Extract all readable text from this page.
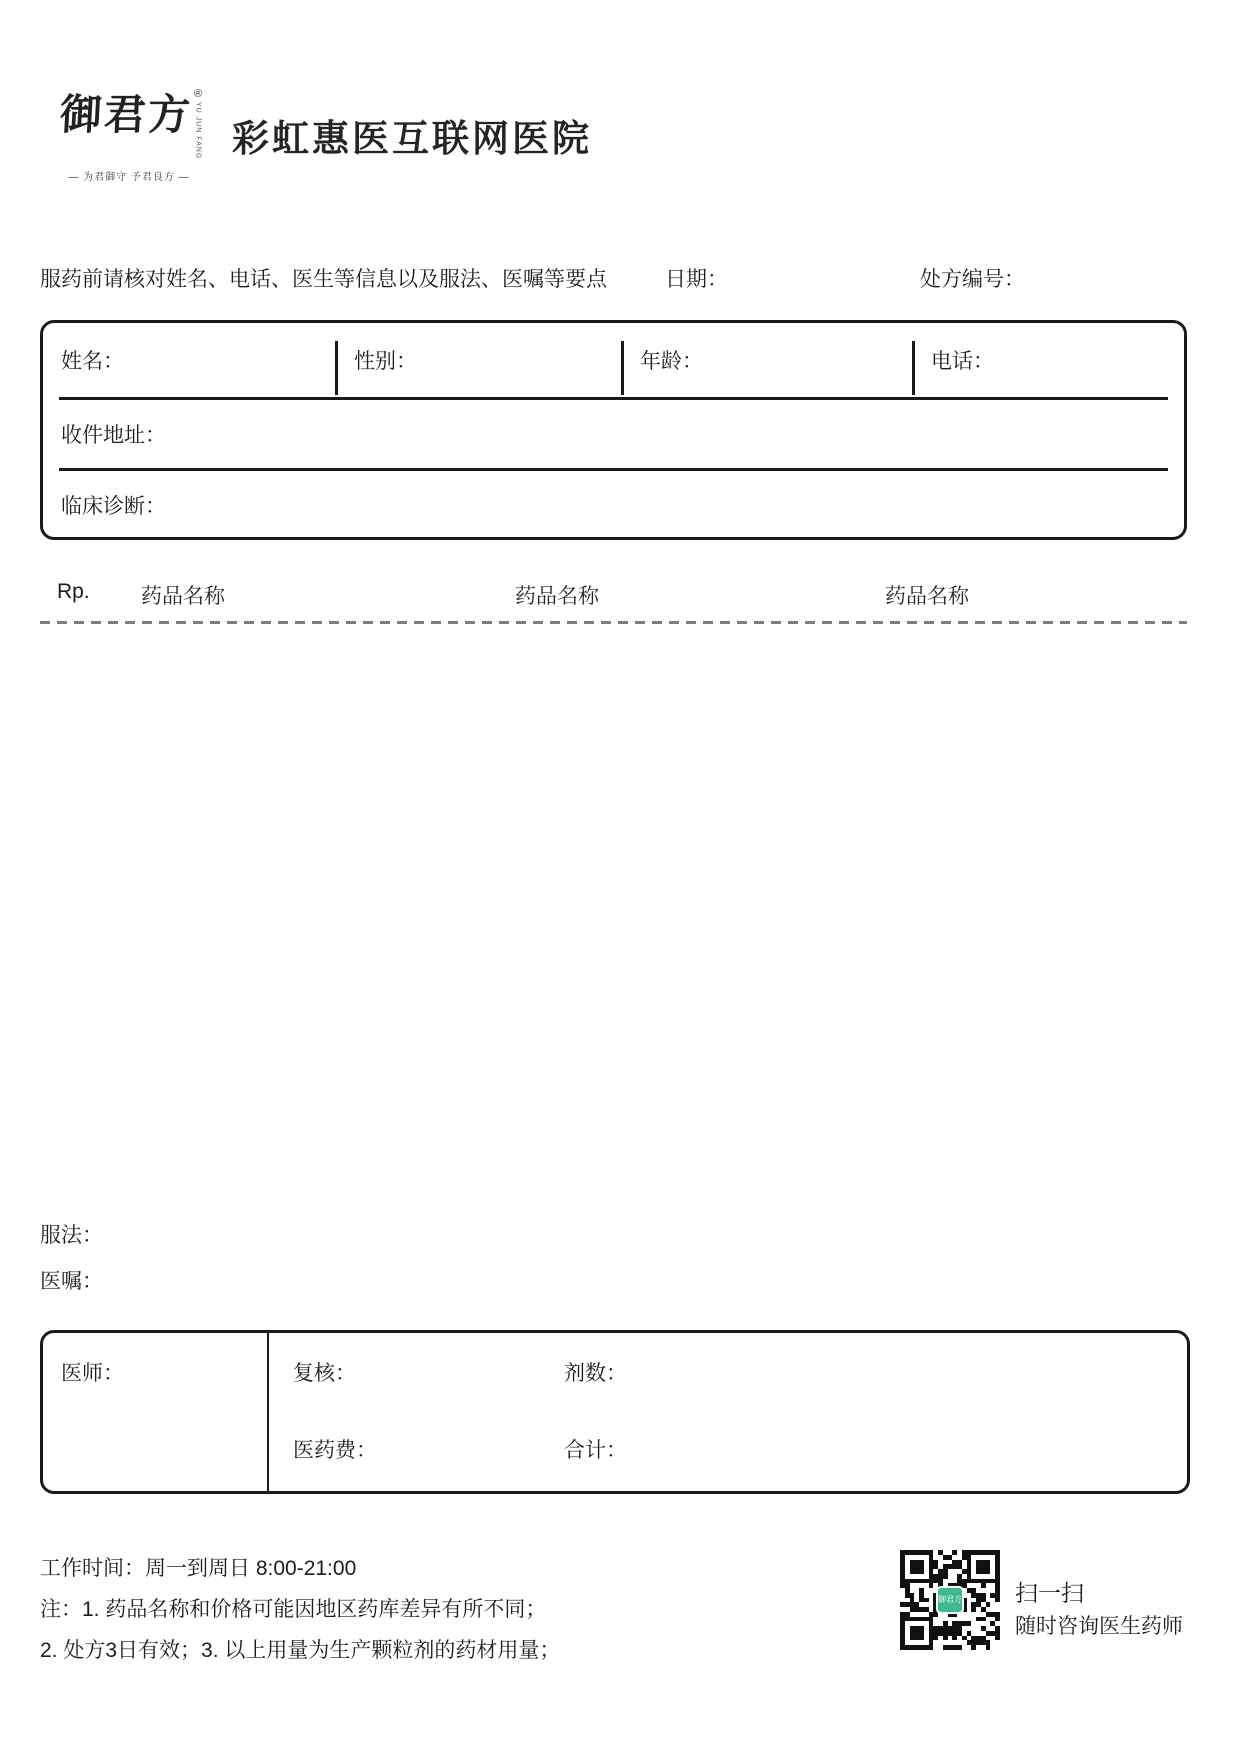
御君方 ®
YU JUN FANG
— 为君御守 予君良方 —
彩虹惠医互联网医院
服药前请核对姓名、电话、医生等信息以及服法、医嘱等要点	日期：	处方编号：
姓名：	性别：	年龄：	电话：
收件地址：
临床诊断：
Rp. 药品名称	药品名称	药品名称
服法：
医嘱：
医师：	复核：	剂数：
医药费：	合计：
工作时间：周一到周日 8:00-21:00
注：1. 药品名称和价格可能因地区药库差异有所不同；
2. 处方3日有效；3. 以上用量为生产颗粒剂的药材用量；
御君方 扫一扫
随时咨询医生药师
